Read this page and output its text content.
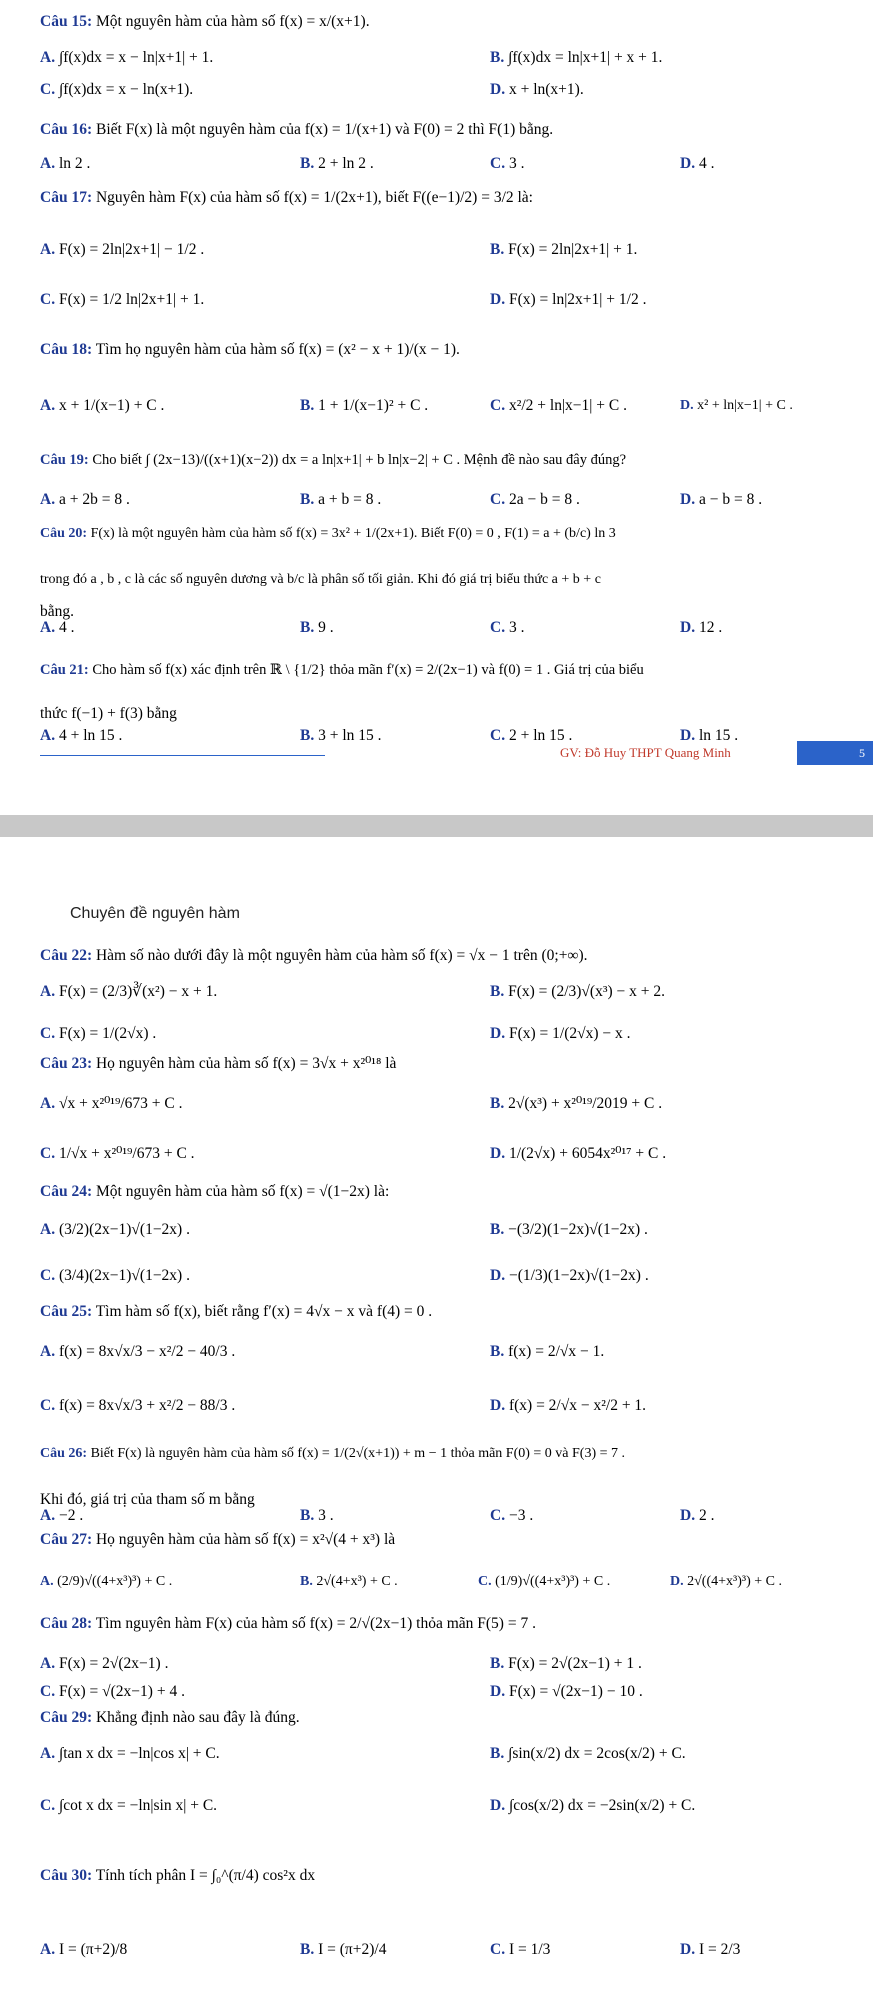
Câu 15: Một nguyên hàm của hàm số f(x) = x/(x+1).
A. ∫f(x)dx = x − ln|x+1| + 1.	B. ∫f(x)dx = ln|x+1| + x + 1.
C. ∫f(x)dx = x − ln(x+1).	D. x + ln(x+1).
Câu 16: Biết F(x) là một nguyên hàm của f(x) = 1/(x+1) và F(0) = 2 thì F(1) bằng.
A. ln 2 .	B. 2 + ln 2 .	C. 3 .	D. 4 .
Câu 17: Nguyên hàm F(x) của hàm số f(x) = 1/(2x+1), biết F((e−1)/2) = 3/2 là:
A. F(x) = 2ln|2x+1| − 1/2 .	B. F(x) = 2ln|2x+1| + 1.
C. F(x) = 1/2 ln|2x+1| + 1.	D. F(x) = ln|2x+1| + 1/2 .
Câu 18: Tìm họ nguyên hàm của hàm số f(x) = (x² − x + 1)/(x − 1).
A. x + 1/(x−1) + C .	B. 1 + 1/(x−1)² + C .	C. x²/2 + ln|x−1| + C .	D. x² + ln|x−1| + C .
Câu 19: Cho biết ∫ (2x−13)/((x+1)(x−2)) dx = a ln|x+1| + b ln|x−2| + C . Mệnh đề nào sau đây đúng?
A. a + 2b = 8 .	B. a + b = 8 .	C. 2a − b = 8 .	D. a − b = 8 .
Câu 20: F(x) là một nguyên hàm của hàm số f(x) = 3x² + 1/(2x+1). Biết F(0) = 0 , F(1) = a + (b/c) ln 3
trong đó a , b , c là các số nguyên dương và b/c là phân số tối giản. Khi đó giá trị biểu thức a + b + c
bằng.
A. 4 .	B. 9 .	C. 3 .	D. 12 .
Câu 21: Cho hàm số f(x) xác định trên ℝ \ {1/2} thỏa mãn f′(x) = 2/(2x−1) và f(0) = 1 . Giá trị của biểu
thức f(−1) + f(3) bằng
A. 4 + ln 15 .	B. 3 + ln 15 .	C. 2 + ln 15 .	D. ln 15 .
GV: Đỗ Huy THPT Quang Minh	5
Chuyên đề nguyên hàm
Câu 22: Hàm số nào dưới đây là một nguyên hàm của hàm số f(x) = √x − 1 trên (0;+∞).
A. F(x) = (2/3)∛(x²) − x + 1.	B. F(x) = (2/3)√(x³) − x + 2.
C. F(x) = 1/(2√x) .	D. F(x) = 1/(2√x) − x .
Câu 23: Họ nguyên hàm của hàm số f(x) = 3√x + x²⁰¹⁸ là
A. √x + x²⁰¹⁹/673 + C .	B. 2√(x³) + x²⁰¹⁹/2019 + C .
C. 1/√x + x²⁰¹⁹/673 + C .	D. 1/(2√x) + 6054x²⁰¹⁷ + C .
Câu 24: Một nguyên hàm của hàm số f(x) = √(1−2x) là:
A. (3/2)(2x−1)√(1−2x) .	B. −(3/2)(1−2x)√(1−2x) .
C. (3/4)(2x−1)√(1−2x) .	D. −(1/3)(1−2x)√(1−2x) .
Câu 25: Tìm hàm số f(x), biết rằng f′(x) = 4√x − x và f(4) = 0 .
A. f(x) = 8x√x/3 − x²/2 − 40/3 .	B. f(x) = 2/√x − 1.
C. f(x) = 8x√x/3 + x²/2 − 88/3 .	D. f(x) = 2/√x − x²/2 + 1.
Câu 26: Biết F(x) là nguyên hàm của hàm số f(x) = 1/(2√(x+1)) + m − 1 thỏa mãn F(0) = 0 và F(3) = 7 .
Khi đó, giá trị của tham số m bằng
A. −2 .	B. 3 .	C. −3 .	D. 2 .
Câu 27: Họ nguyên hàm của hàm số f(x) = x²√(4 + x³) là
A. (2/9)√((4+x³)³) + C .	B. 2√(4+x³) + C .	C. (1/9)√((4+x³)³) + C .	D. 2√((4+x³)³) + C .
Câu 28: Tìm nguyên hàm F(x) của hàm số f(x) = 2/√(2x−1) thỏa mãn F(5) = 7 .
A. F(x) = 2√(2x−1) .	B. F(x) = 2√(2x−1) + 1 .
C. F(x) = √(2x−1) + 4 .	D. F(x) = √(2x−1) − 10 .
Câu 29: Khẳng định nào sau đây là đúng.
A. ∫tan x dx = −ln|cos x| + C.	B. ∫sin(x/2) dx = 2cos(x/2) + C.
C. ∫cot x dx = −ln|sin x| + C.	D. ∫cos(x/2) dx = −2sin(x/2) + C.
Câu 30: Tính tích phân I = ∫₀^(π/4) cos²x dx
A. I = (π+2)/8	B. I = (π+2)/4	C. I = 1/3	D. I = 2/3
